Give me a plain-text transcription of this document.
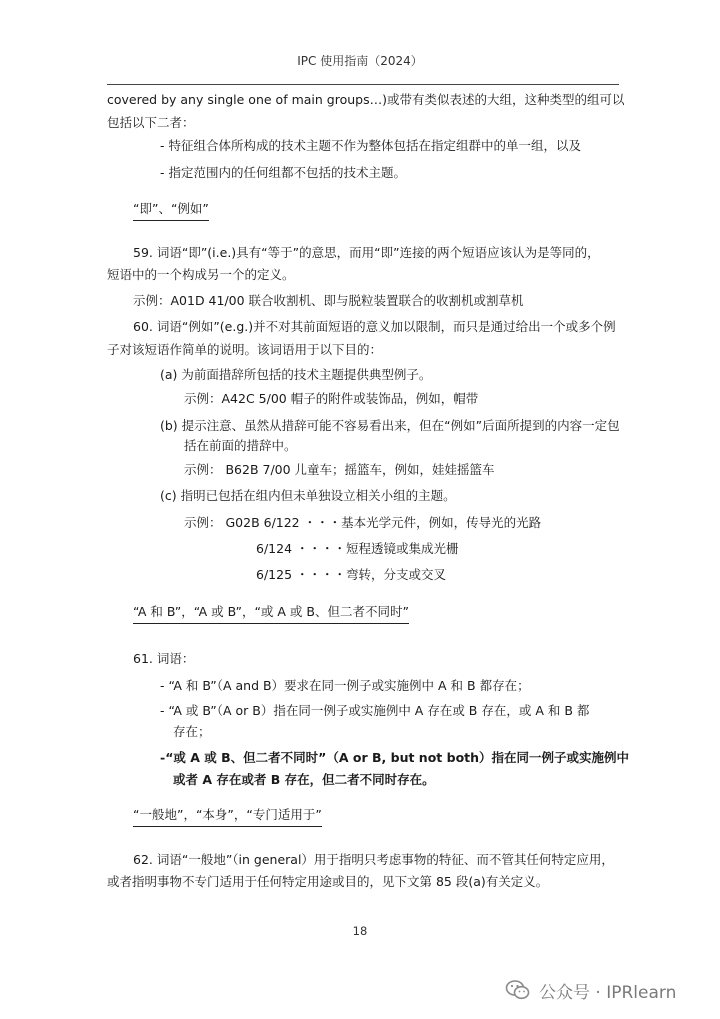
IPC 使用指南（2024）
covered by any single one of main groups…)或带有类似表述的大组，这种类型的组可以
包括以下二者：
- 特征组合体所构成的技术主题不作为整体包括在指定组群中的单一组，以及
- 指定范围内的任何组都不包括的技术主题。
“即”、“例如”
59. 词语“即”(i.e.)具有“等于”的意思，而用“即”连接的两个短语应该认为是等同的，
短语中的一个构成另一个的定义。
示例：A01D 41/00 联合收割机、即与脱粒装置联合的收割机或割草机
60. 词语“例如”(e.g.)并不对其前面短语的意义加以限制，而只是通过给出一个或多个例
子对该短语作简单的说明。该词语用于以下目的：
(a) 为前面措辞所包括的技术主题提供典型例子。
示例：A42C 5/00 帽子的附件或装饰品，例如，帽带
(b) 提示注意、虽然从措辞可能不容易看出来，但在“例如”后面所提到的内容一定包
括在前面的措辞中。
示例： B62B 7/00 儿童车；摇篮车，例如，娃娃摇篮车
(c) 指明已包括在组内但未单独设立相关小组的主题。
示例： G02B 6/122 ・・・基本光学元件，例如，传导光的光路
6/124 ・・・・短程透镜或集成光栅
6/125 ・・・・弯转，分支或交叉
“A 和 B”，“A 或 B”，“或 A 或 B、但二者不同时”
61. 词语：
- “A 和 B”（A and B）要求在同一例子或实施例中 A 和 B 都存在；
- “A 或 B”（A or B）指在同一例子或实施例中 A 存在或 B 存在，或 A 和 B 都
存在；
-“或 A 或 B、但二者不同时”（A or B, but not both）指在同一例子或实施例中
或者 A 存在或者 B 存在，但二者不同时存在。
“一般地”，“本身”，“专门适用于”
62. 词语“一般地”（in general）用于指明只考虑事物的特征、而不管其任何特定应用，
或者指明事物不专门适用于任何特定用途或目的，见下文第 85 段(a)有关定义。
18
公众号 · IPRlearn
